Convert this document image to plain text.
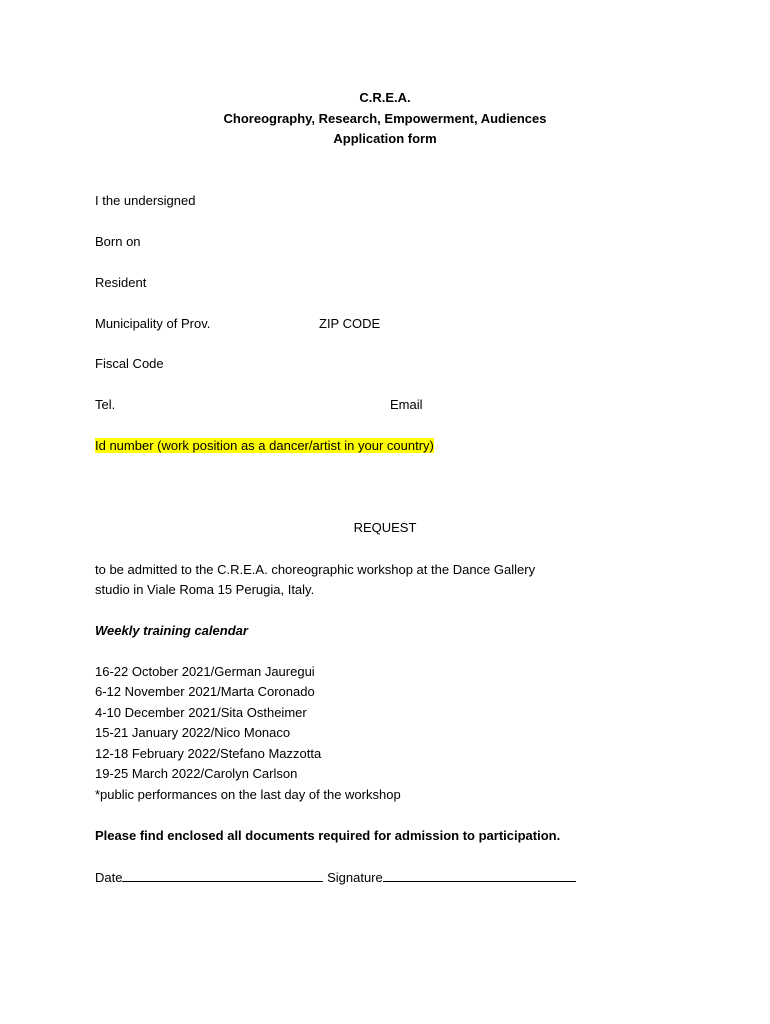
C.R.E.A.
Choreography, Research, Empowerment, Audiences
Application form
I the undersigned
Born on
Resident
Municipality of Prov.	ZIP CODE
Fiscal Code
Tel.	Email
Id number (work position as a dancer/artist in your country)
REQUEST
to be admitted to the C.R.E.A. choreographic workshop at the Dance Gallery
studio in Viale Roma 15 Perugia, Italy.
Weekly training calendar
16-22 October 2021/German Jauregui
6-12 November 2021/Marta Coronado
4-10 December 2021/Sita Ostheimer
15-21 January 2022/Nico Monaco
12-18 February 2022/Stefano Mazzotta
19-25 March 2022/Carolyn Carlson
*public performances on the last day of the workshop
Please find enclosed all documents required for admission to participation.
Date	Signature
